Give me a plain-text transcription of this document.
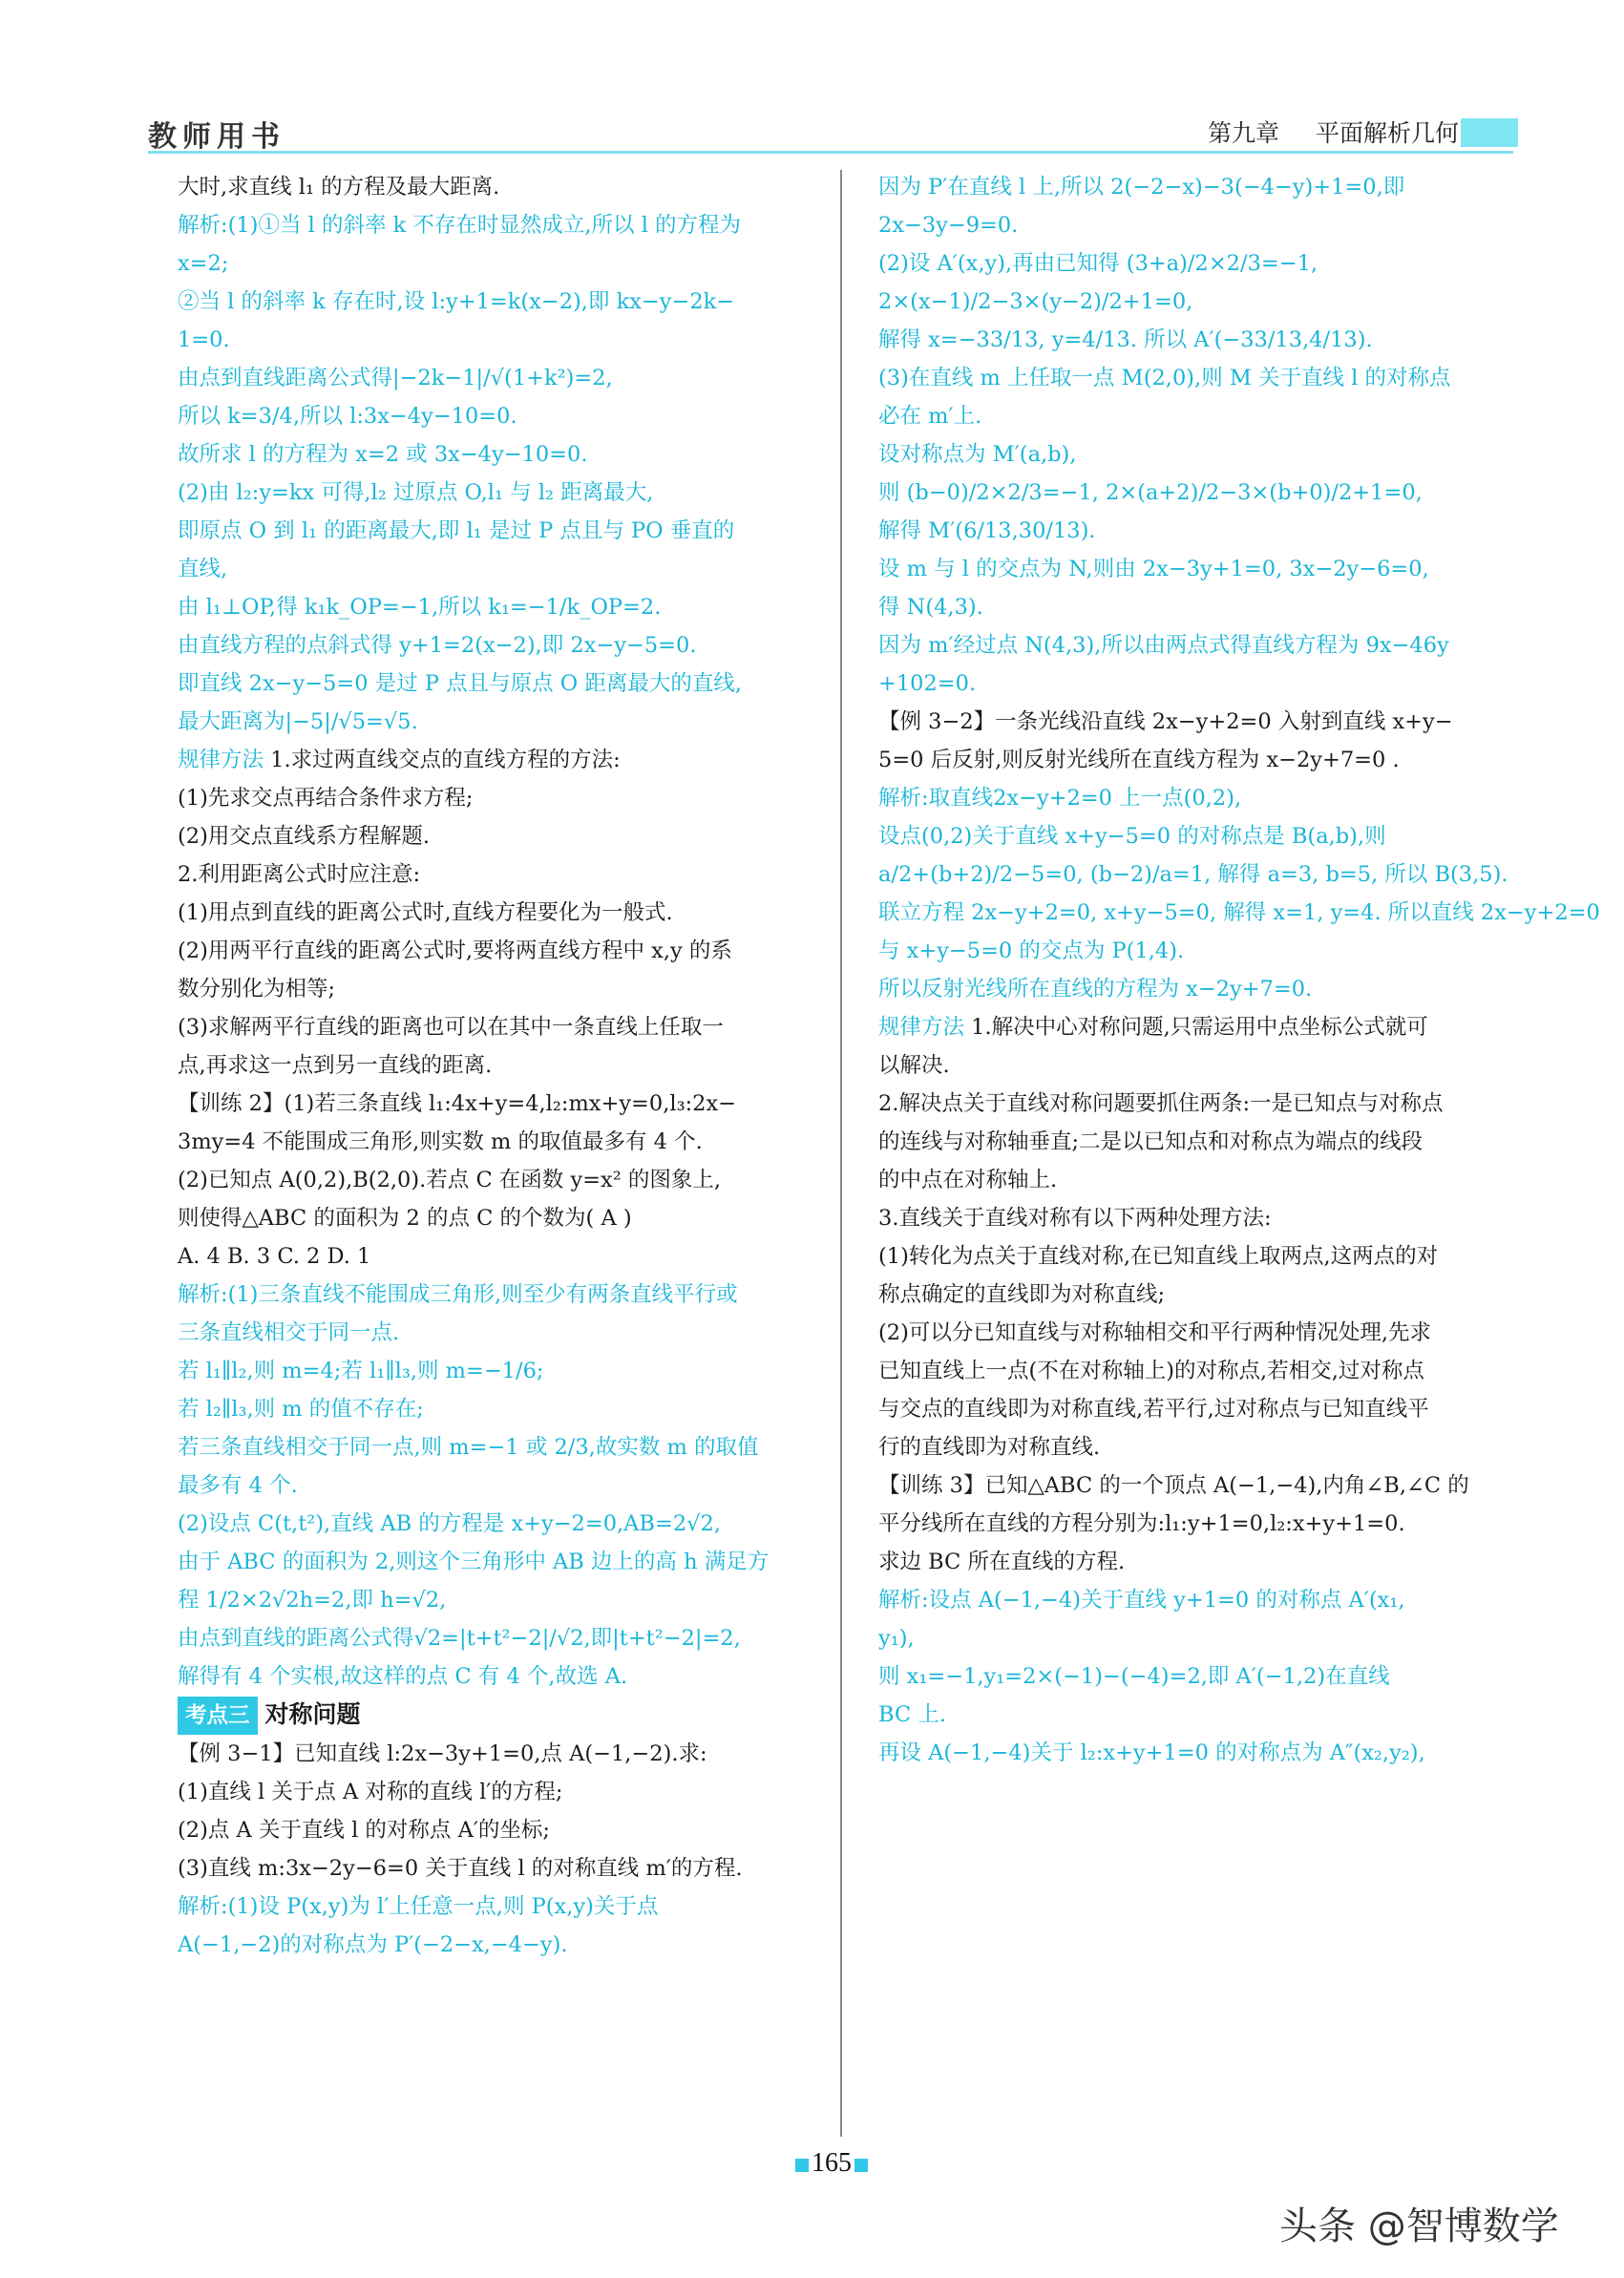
教师用书	第九章 平面解析几何
大时,求直线 l₁ 的方程及最大距离.
解析:(1)①当 l 的斜率 k 不存在时显然成立,所以 l 的方程为
x=2;
②当 l 的斜率 k 存在时,设 l:y+1=k(x−2),即 kx−y−2k−
1=0.
由点到直线距离公式得|−2k−1|/√(1+k²)=2,
所以 k=3/4,所以 l:3x−4y−10=0.
故所求 l 的方程为 x=2 或 3x−4y−10=0.
(2)由 l₂:y=kx 可得,l₂ 过原点 O,l₁ 与 l₂ 距离最大,
即原点 O 到 l₁ 的距离最大,即 l₁ 是过 P 点且与 PO 垂直的
直线,
由 l₁⊥OP,得 k₁k_OP=−1,所以 k₁=−1/k_OP=2.
由直线方程的点斜式得 y+1=2(x−2),即 2x−y−5=0.
即直线 2x−y−5=0 是过 P 点且与原点 O 距离最大的直线,
最大距离为|−5|/√5=√5.
规律方法 1.求过两直线交点的直线方程的方法:
(1)先求交点再结合条件求方程;
(2)用交点直线系方程解题.
2.利用距离公式时应注意:
(1)用点到直线的距离公式时,直线方程要化为一般式.
(2)用两平行直线的距离公式时,要将两直线方程中 x,y 的系
数分别化为相等;
(3)求解两平行直线的距离也可以在其中一条直线上任取一
点,再求这一点到另一直线的距离.
【训练 2】(1)若三条直线 l₁:4x+y=4,l₂:mx+y=0,l₃:2x−
3my=4 不能围成三角形,则实数 m 的取值最多有 4 个.
(2)已知点 A(0,2),B(2,0).若点 C 在函数 y=x² 的图象上,
则使得△ABC 的面积为 2 的点 C 的个数为( A )
A. 4 B. 3 C. 2 D. 1
解析:(1)三条直线不能围成三角形,则至少有两条直线平行或
三条直线相交于同一点.
若 l₁∥l₂,则 m=4;若 l₁∥l₃,则 m=−1/6;
若 l₂∥l₃,则 m 的值不存在;
若三条直线相交于同一点,则 m=−1 或 2/3,故实数 m 的取值
最多有 4 个.
(2)设点 C(t,t²),直线 AB 的方程是 x+y−2=0,AB=2√2,
由于 ABC 的面积为 2,则这个三角形中 AB 边上的高 h 满足方
程 1/2×2√2h=2,即 h=√2,
由点到直线的距离公式得√2=|t+t²−2|/√2,即|t+t²−2|=2,
解得有 4 个实根,故这样的点 C 有 4 个,故选 A.
考点三 对称问题
【例 3−1】已知直线 l:2x−3y+1=0,点 A(−1,−2).求:
(1)直线 l 关于点 A 对称的直线 l′的方程;
(2)点 A 关于直线 l 的对称点 A′的坐标;
(3)直线 m:3x−2y−6=0 关于直线 l 的对称直线 m′的方程.
解析:(1)设 P(x,y)为 l′上任意一点,则 P(x,y)关于点
A(−1,−2)的对称点为 P′(−2−x,−4−y).
因为 P′在直线 l 上,所以 2(−2−x)−3(−4−y)+1=0,即
2x−3y−9=0.
(2)设 A′(x,y),再由已知得 (3+a)/2×2/3=−1,
2×(x−1)/2−3×(y−2)/2+1=0,
解得 x=−33/13, y=4/13. 所以 A′(−33/13,4/13).
(3)在直线 m 上任取一点 M(2,0),则 M 关于直线 l 的对称点
必在 m′上.
设对称点为 M′(a,b),
则 (b−0)/2×2/3=−1, 2×(a+2)/2−3×(b+0)/2+1=0,
解得 M′(6/13,30/13).
设 m 与 l 的交点为 N,则由 2x−3y+1=0, 3x−2y−6=0,
得 N(4,3).
因为 m′经过点 N(4,3),所以由两点式得直线方程为 9x−46y
+102=0.
【例 3−2】一条光线沿直线 2x−y+2=0 入射到直线 x+y−
5=0 后反射,则反射光线所在直线方程为 x−2y+7=0 .
解析:取直线2x−y+2=0 上一点(0,2),
设点(0,2)关于直线 x+y−5=0 的对称点是 B(a,b),则
a/2+(b+2)/2−5=0, (b−2)/a=1, 解得 a=3, b=5, 所以 B(3,5).
联立方程 2x−y+2=0, x+y−5=0, 解得 x=1, y=4. 所以直线 2x−y+2=0
与 x+y−5=0 的交点为 P(1,4).
所以反射光线所在直线的方程为 x−2y+7=0.
规律方法 1.解决中心对称问题,只需运用中点坐标公式就可
以解决.
2.解决点关于直线对称问题要抓住两条:一是已知点与对称点
的连线与对称轴垂直;二是以已知点和对称点为端点的线段
的中点在对称轴上.
3.直线关于直线对称有以下两种处理方法:
(1)转化为点关于直线对称,在已知直线上取两点,这两点的对
称点确定的直线即为对称直线;
(2)可以分已知直线与对称轴相交和平行两种情况处理,先求
已知直线上一点(不在对称轴上)的对称点,若相交,过对称点
与交点的直线即为对称直线,若平行,过对称点与已知直线平
行的直线即为对称直线.
【训练 3】已知△ABC 的一个顶点 A(−1,−4),内角∠B,∠C 的
平分线所在直线的方程分别为:l₁:y+1=0,l₂:x+y+1=0.
求边 BC 所在直线的方程.
解析:设点 A(−1,−4)关于直线 y+1=0 的对称点 A′(x₁,
y₁),
则 x₁=−1,y₁=2×(−1)−(−4)=2,即 A′(−1,2)在直线
BC 上.
再设 A(−1,−4)关于 l₂:x+y+1=0 的对称点为 A″(x₂,y₂),
165
头条 @智博数学
